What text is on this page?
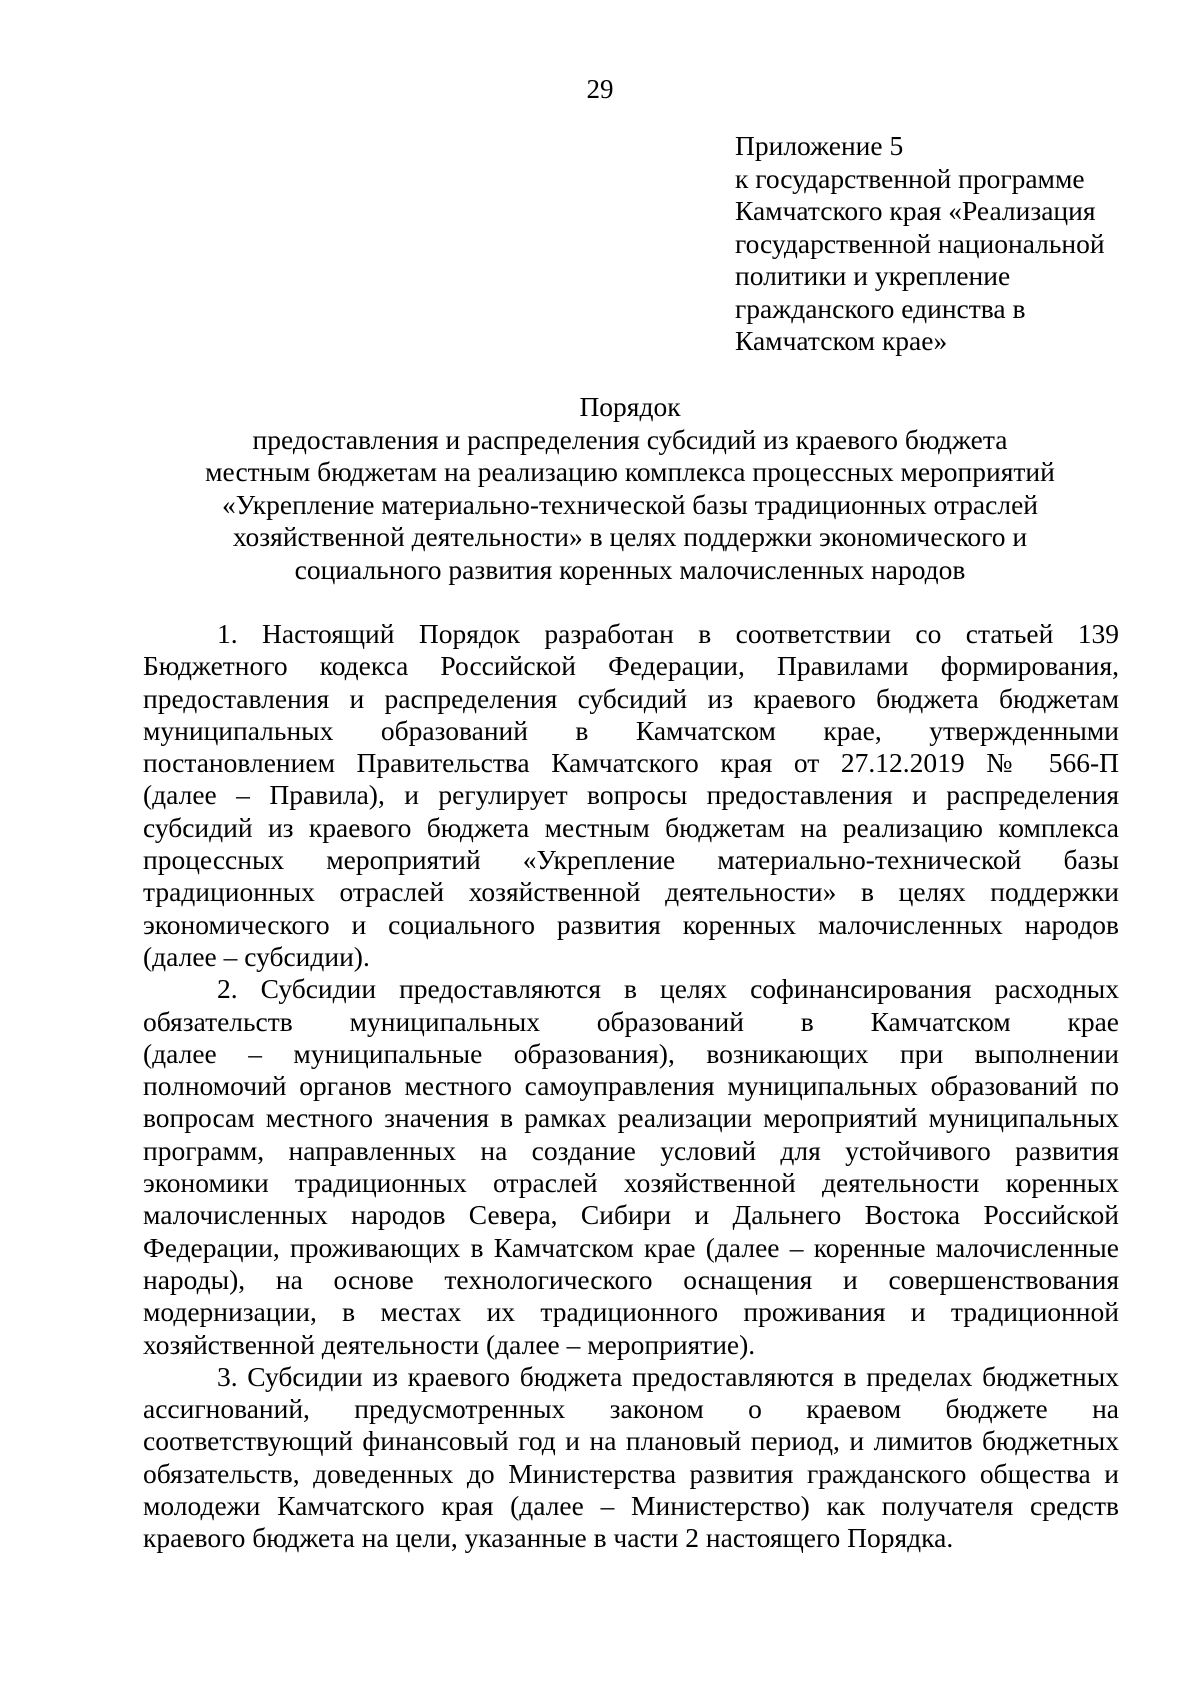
29
Приложение 5
к государственной программе
Камчатского края «Реализация
государственной национальной
политики и укрепление
гражданского единства в
Камчатском крае»
Порядок
предоставления и распределения субсидий из краевого бюджета
местным бюджетам на реализацию комплекса процессных мероприятий
«Укрепление материально-технической базы традиционных отраслей
хозяйственной деятельности» в целях поддержки экономического и
социального развития коренных малочисленных народов
1. Настоящий Порядок разработан в соответствии со статьей 139
Бюджетного кодекса Российской Федерации, Правилами формирования,
предоставления и распределения субсидий из краевого бюджета бюджетам
муниципальных образований в Камчатском крае, утвержденными
постановлением Правительства Камчатского края от 27.12.2019 № 566-П
(далее – Правила), и регулирует вопросы предоставления и распределения
субсидий из краевого бюджета местным бюджетам на реализацию комплекса
процессных мероприятий «Укрепление материально-технической базы
традиционных отраслей хозяйственной деятельности» в целях поддержки
экономического и социального развития коренных малочисленных народов
(далее – субсидии).
2. Субсидии предоставляются в целях софинансирования расходных
обязательств муниципальных образований в Камчатском крае
(далее – муниципальные образования), возникающих при выполнении
полномочий органов местного самоуправления муниципальных образований по
вопросам местного значения в рамках реализации мероприятий муниципальных
программ, направленных на создание условий для устойчивого развития
экономики традиционных отраслей хозяйственной деятельности коренных
малочисленных народов Севера, Сибири и Дальнего Востока Российской
Федерации, проживающих в Камчатском крае (далее – коренные малочисленные
народы), на основе технологического оснащения и совершенствования
модернизации, в местах их традиционного проживания и традиционной
хозяйственной деятельности (далее – мероприятие).
3. Субсидии из краевого бюджета предоставляются в пределах бюджетных
ассигнований, предусмотренных законом о краевом бюджете на
соответствующий финансовый год и на плановый период, и лимитов бюджетных
обязательств, доведенных до Министерства развития гражданского общества и
молодежи Камчатского края (далее – Министерство) как получателя средств
краевого бюджета на цели, указанные в части 2 настоящего Порядка.
